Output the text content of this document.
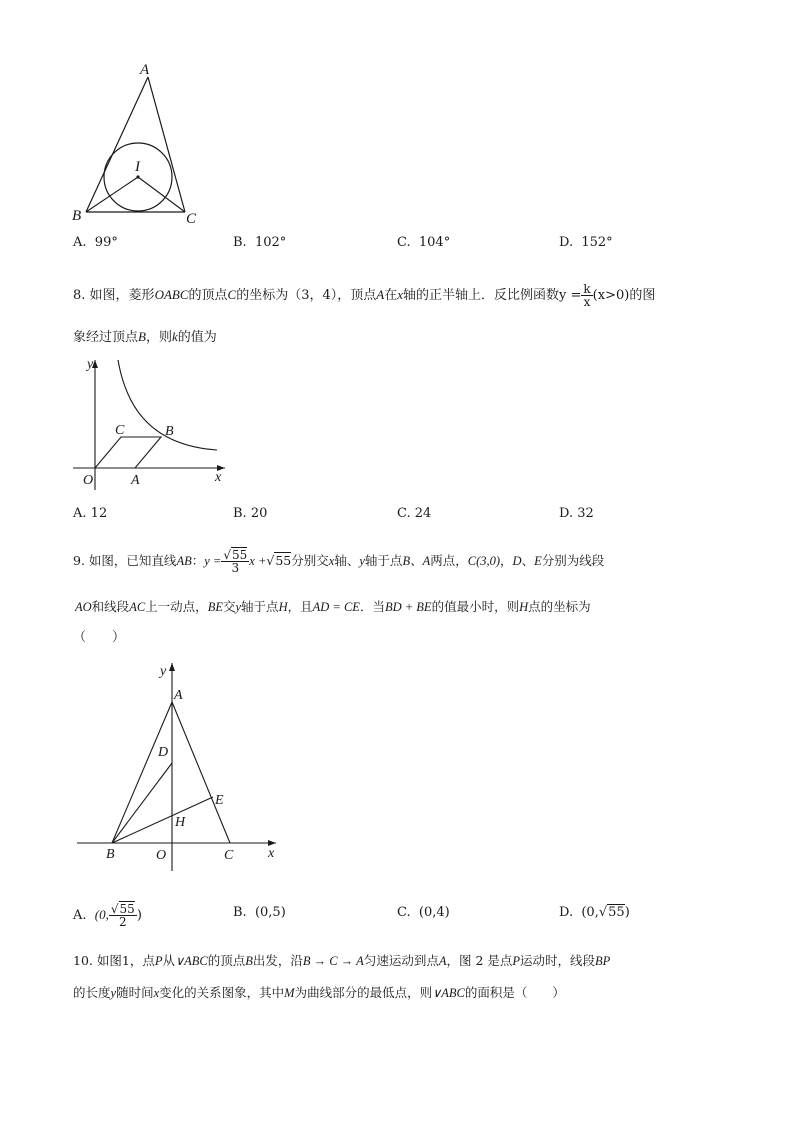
A
I
B	C
A. 99°	B. 102°	C. 104°	D. 152°
8. 如图，菱形OABC的顶点C的坐标为（3，4），顶点A在x轴的正半轴上．反比例函数$y = \frac{k}{x} (x>0)$的图
象经过顶点B，则k的值为
y
C	B
O	A	x
A. 12	B. 20	C. 24	D. 32
9. 如图，已知直线AB：$y = \frac{√55}{3}$ x +√55分别交x轴、y轴于点B、A两点，C(3,0)，D、E分别为线段
AO和线段AC上一动点，BE交y轴于点H，且AD = CE．当BD + BE的值最小时，则H点的坐标为
（　　）
y
A
D
E
H
B	O	C x
A. (0, $\frac{√55}{2}$ )	B. (0,5)	C. (0,4)	D. (0,√55)
10. 如图1，点P从∨ABC的顶点B出发，沿B → C → A匀速运动到点A，图 2 是点P运动时，线段BP
的长度y随时间x变化的关系图象，其中M为曲线部分的最低点，则∨ABC的面积是（　　）
